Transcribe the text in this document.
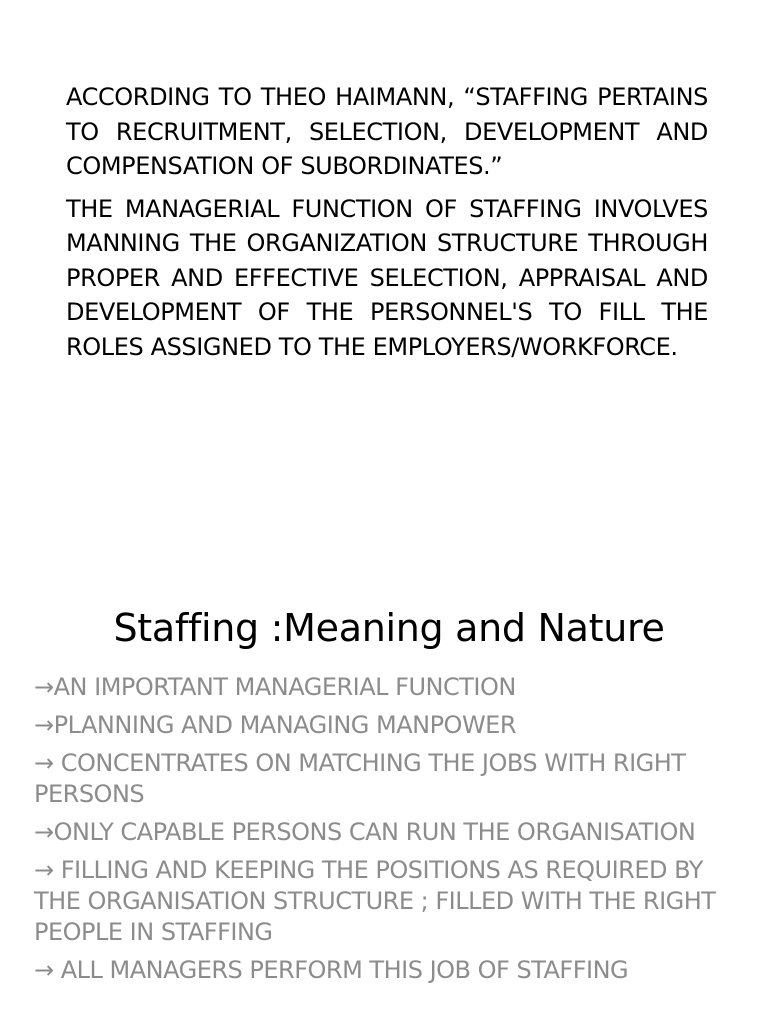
ACCORDING TO THEO HAIMANN, “STAFFING PERTAINS TO RECRUITMENT, SELECTION, DEVELOPMENT AND COMPENSATION OF SUBORDINATES.”

THE MANAGERIAL FUNCTION OF STAFFING INVOLVES MANNING THE ORGANIZATION STRUCTURE THROUGH PROPER AND EFFECTIVE SELECTION, APPRAISAL AND DEVELOPMENT OF THE PERSONNEL'S TO FILL THE ROLES ASSIGNED TO THE EMPLOYERS/WORKFORCE.

Staffing :Meaning and Nature
→AN IMPORTANT MANAGERIAL FUNCTION
→PLANNING AND MANAGING MANPOWER
→ CONCENTRATES ON MATCHING THE JOBS WITH RIGHT PERSONS
→ONLY CAPABLE PERSONS CAN RUN THE ORGANISATION
→ FILLING AND KEEPING THE POSITIONS AS REQUIRED BY THE ORGANISATION STRUCTURE ; FILLED WITH THE RIGHT PEOPLE IN STAFFING
→ ALL MANAGERS PERFORM THIS JOB OF STAFFING
